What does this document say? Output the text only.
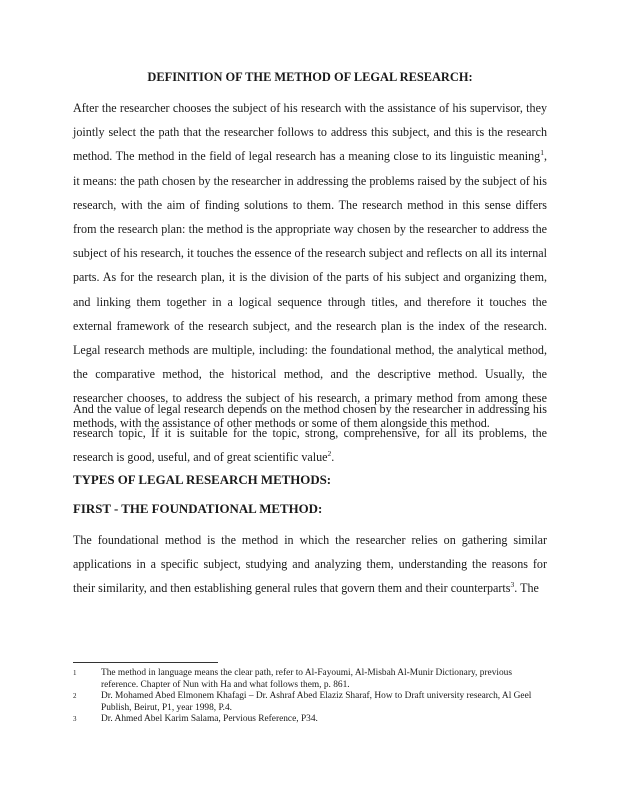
DEFINITION OF THE METHOD OF LEGAL RESEARCH:

After the researcher chooses the subject of his research with the assistance of his supervisor, they jointly select the path that the researcher follows to address this subject, and this is the research method. The method in the field of legal research has a meaning close to its linguistic meaning$^1$, it means: the path chosen by the researcher in addressing the problems raised by the subject of his research, with the aim of finding solutions to them. The research method in this sense differs from the research plan: the method is the appropriate way chosen by the researcher to address the subject of his research, it touches the essence of the research subject and reflects on all its internal parts. As for the research plan, it is the division of the parts of his subject and organizing them, and linking them together in a logical sequence through titles, and therefore it touches the external framework of the research subject, and the research plan is the index of the research. Legal research methods are multiple, including: the foundational method, the analytical method, the comparative method, the historical method, and the descriptive method. Usually, the researcher chooses, to address the subject of his research, a primary method from among these methods, with the assistance of other methods or some of them alongside this method.

And the value of legal research depends on the method chosen by the researcher in addressing his research topic, If it is suitable for the topic, strong, comprehensive, for all its problems, the research is good, useful, and of great scientific value$^2$.

TYPES OF LEGAL RESEARCH METHODS:
FIRST - THE FOUNDATIONAL METHOD:

The foundational method is the method in which the researcher relies on gathering similar applications in a specific subject, studying and analyzing them, understanding the reasons for their similarity, and then establishing general rules that govern them and their counterparts$^3$. The

1	The method in language means the clear path, refer to Al-Fayoumi, Al-Misbah Al-Munir Dictionary, previous reference. Chapter of Nun with Ha and what follows them, p. 861.
2	Dr. Mohamed Abed Elmonem Khafagi – Dr. Ashraf Abed Elaziz Sharaf, How to Draft university research, Al Geel Publish, Beirut, P1, year 1998, P.4.
3	Dr. Ahmed Abel Karim Salama, Pervious Reference, P34.
